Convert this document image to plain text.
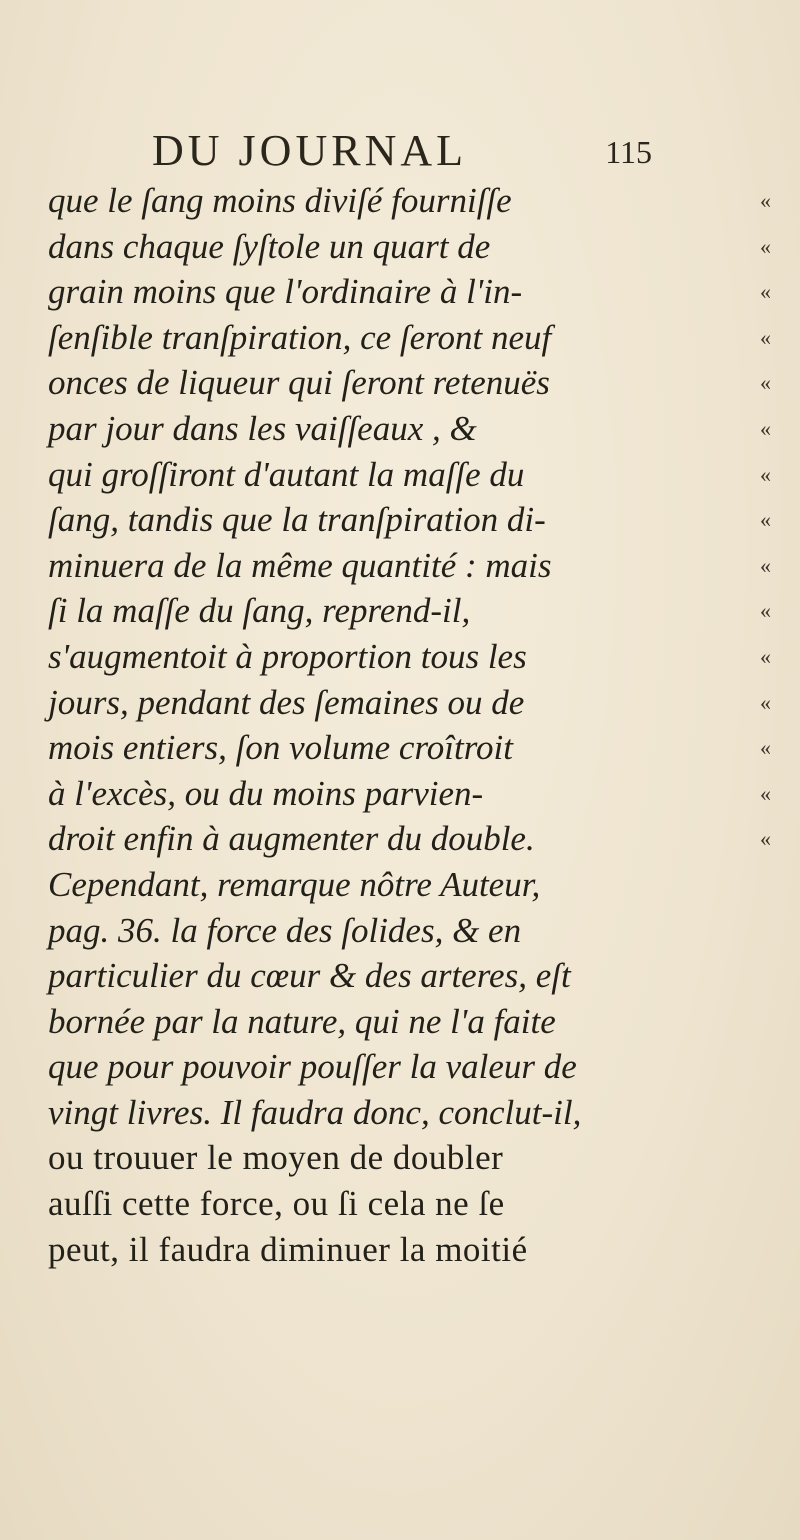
DU JOURNAL	115
que le ſang moins diviſé fourniſſe	«
dans chaque ſyſtole un quart de	«
grain moins que l'ordinaire à l'in-	«
ſenſible tranſpiration, ce ſeront neuf	«
onces de liqueur qui ſeront retenuës	«
par jour dans les vaiſſeaux , &	«
qui groſſiront d'autant la maſſe du	«
ſang, tandis que la tranſpiration di-	«
minuera de la même quantité : mais	«
ſi la maſſe du ſang, reprend-il,	«
s'augmentoit à proportion tous les	«
jours, pendant des ſemaines ou de	«
mois entiers, ſon volume croîtroit	«
à l'excès, ou du moins parvien-	«
droit enfin à augmenter du double.	«
Cependant, remarque nôtre Auteur,
pag. 36. la force des ſolides, & en
particulier du cœur & des arteres, eſt
bornée par la nature, qui ne l'a faite
que pour pouvoir pouſſer la valeur de
vingt livres. Il faudra donc, conclut-il,
ou trouuer le moyen de doubler
auſſi cette force, ou ſi cela ne ſe
peut, il faudra diminuer la moitié
